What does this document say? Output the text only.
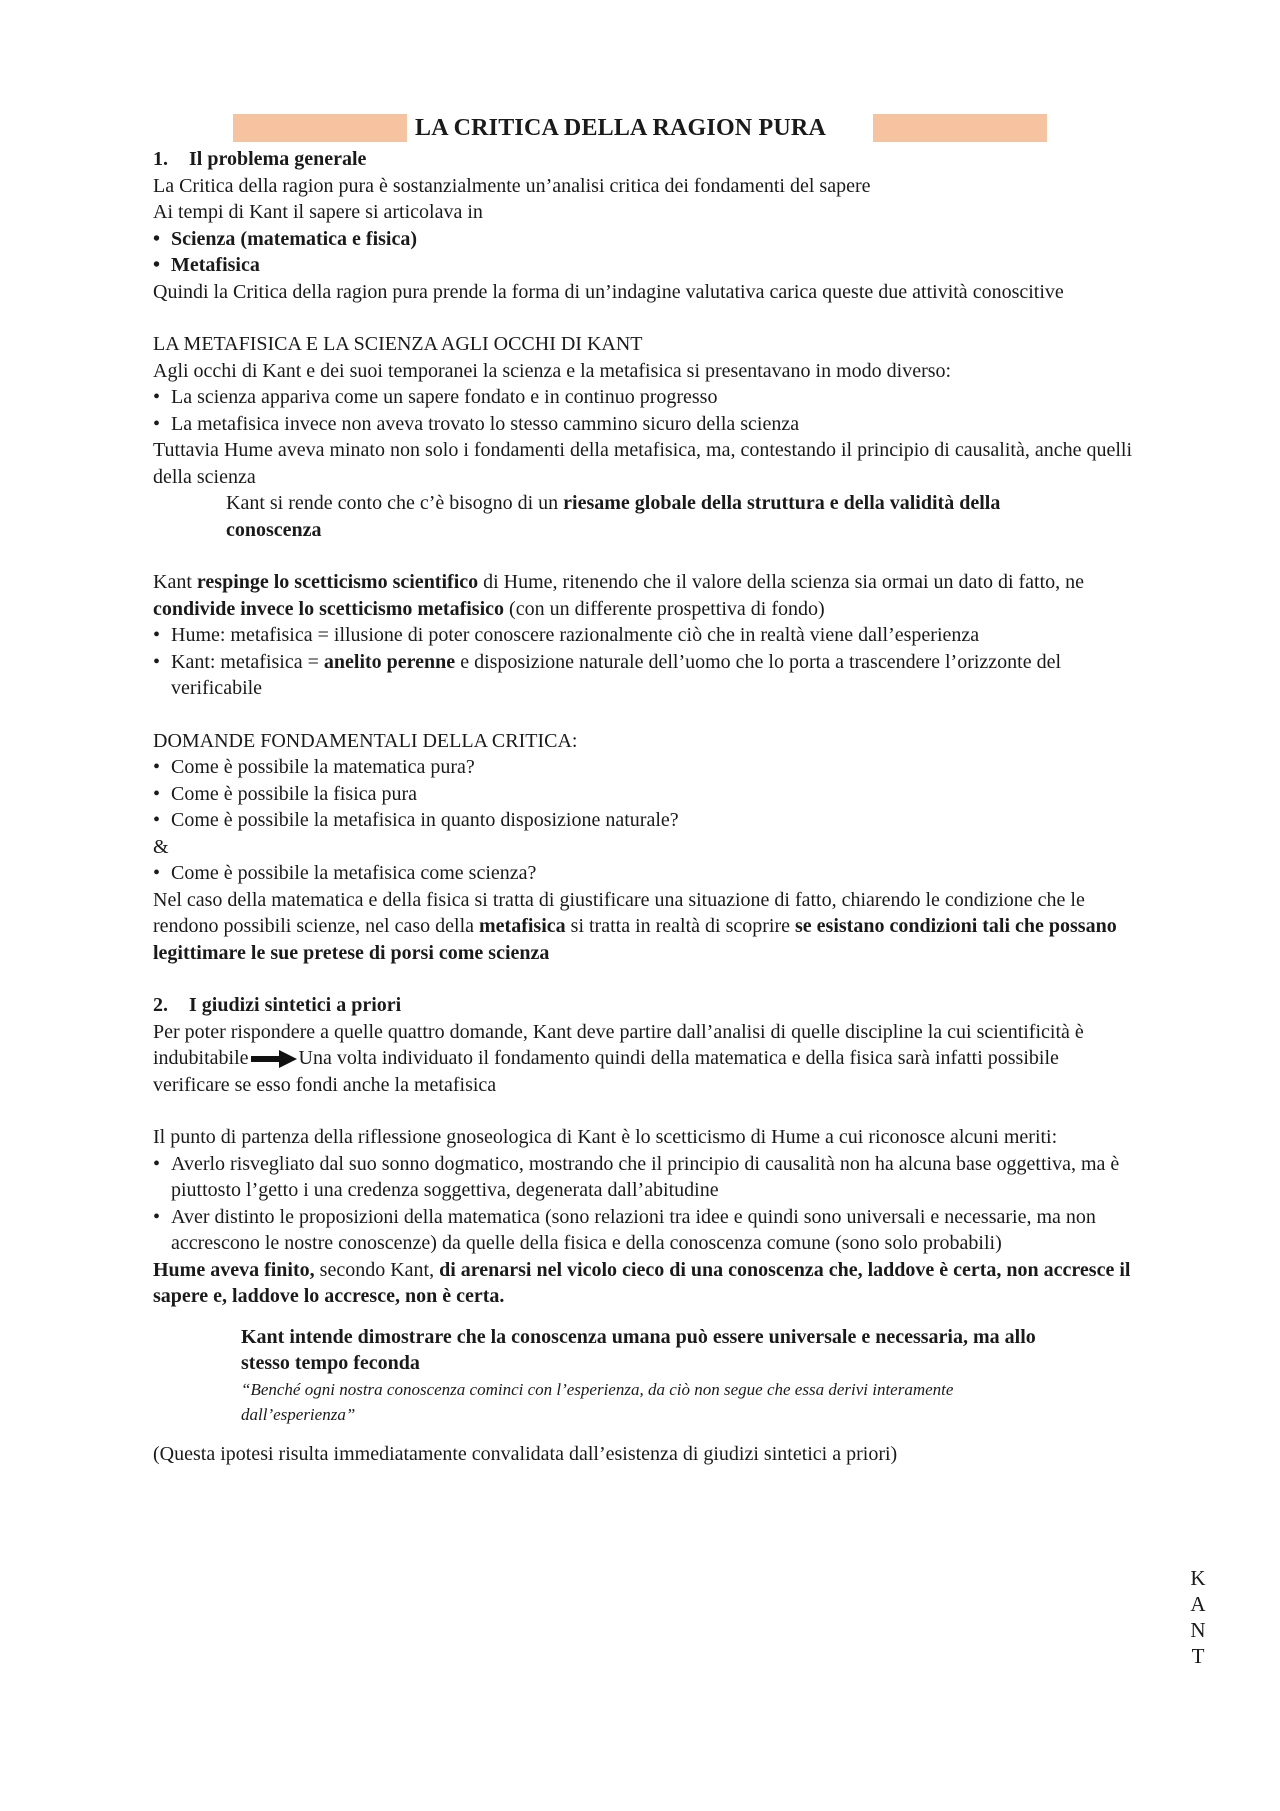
LA CRITICA DELLA RAGION PURA

1. Il problema generale

La Critica della ragion pura è sostanzialmente un’analisi critica dei fondamenti del sapere

Ai tempi di Kant il sapere si articolava in

• Scienza (matematica e fisica)
• Metafisica

Quindi la Critica della ragion pura prende la forma di un’indagine valutativa carica queste due attività conoscitive

LA METAFISICA E LA SCIENZA AGLI OCCHI DI KANT

Agli occhi di Kant e dei suoi temporanei la scienza e la metafisica si presentavano in modo diverso:

• La scienza appariva come un sapere fondato e in continuo progresso
• La metafisica invece non aveva trovato lo stesso cammino sicuro della scienza

Tuttavia Hume aveva minato non solo i fondamenti della metafisica, ma, contestando il principio di causalità, anche quelli della scienza

Kant si rende conto che c’è bisogno di un riesame globale della struttura e della validità della conoscenza

Kant respinge lo scetticismo scientifico di Hume, ritenendo che il valore della scienza sia ormai un dato di fatto, ne condivide invece lo scetticismo metafisico (con un differente prospettiva di fondo)

• Hume: metafisica = illusione di poter conoscere razionalmente ciò che in realtà viene dall’esperienza
• Kant: metafisica = anelito perenne e disposizione naturale dell’uomo che lo porta a trascendere l’orizzonte del verificabile

DOMANDE FONDAMENTALI DELLA CRITICA:

• Come è possibile la matematica pura?
• Come è possibile la fisica pura
• Come è possibile la metafisica in quanto disposizione naturale?

&

• Come è possibile la metafisica come scienza?

Nel caso della matematica e della fisica si tratta di giustificare una situazione di fatto, chiarendo le condizione che le rendono possibili scienze, nel caso della metafisica si tratta in realtà di scoprire se esistano condizioni tali che possano legittimare le sue pretese di porsi come scienza

2. I giudizi sintetici a priori

Per poter rispondere a quelle quattro domande, Kant deve partire dall’analisi di quelle discipline la cui scientificità è indubitabile	Una volta individuato il fondamento quindi della matematica e della fisica sarà infatti possibile verificare se esso fondi anche la metafisica

Il punto di partenza della riflessione gnoseologica di Kant è lo scetticismo di Hume a cui riconosce alcuni meriti:

• Averlo risvegliato dal suo sonno dogmatico, mostrando che il principio di causalità non ha alcuna base oggettiva, ma è piuttosto l’getto i una credenza soggettiva, degenerata dall’abitudine
• Aver distinto le proposizioni della matematica (sono relazioni tra idee e quindi sono universali e necessarie, ma non accrescono le nostre conoscenze) da quelle della fisica e della conoscenza comune (sono solo probabili)

Hume aveva finito, secondo Kant, di arenarsi nel vicolo cieco di una conoscenza che, laddove è certa, non accresce il sapere e, laddove lo accresce, non è certa.

Kant intende dimostrare che la conoscenza umana può essere universale e necessaria, ma allo stesso tempo feconda

“Benché ogni nostra conoscenza cominci con l’esperienza, da ciò non segue che essa derivi interamente dall’esperienza”

(Questa ipotesi risulta immediatamente convalidata dall’esistenza di giudizi sintetici a priori)

K
A
N
T
